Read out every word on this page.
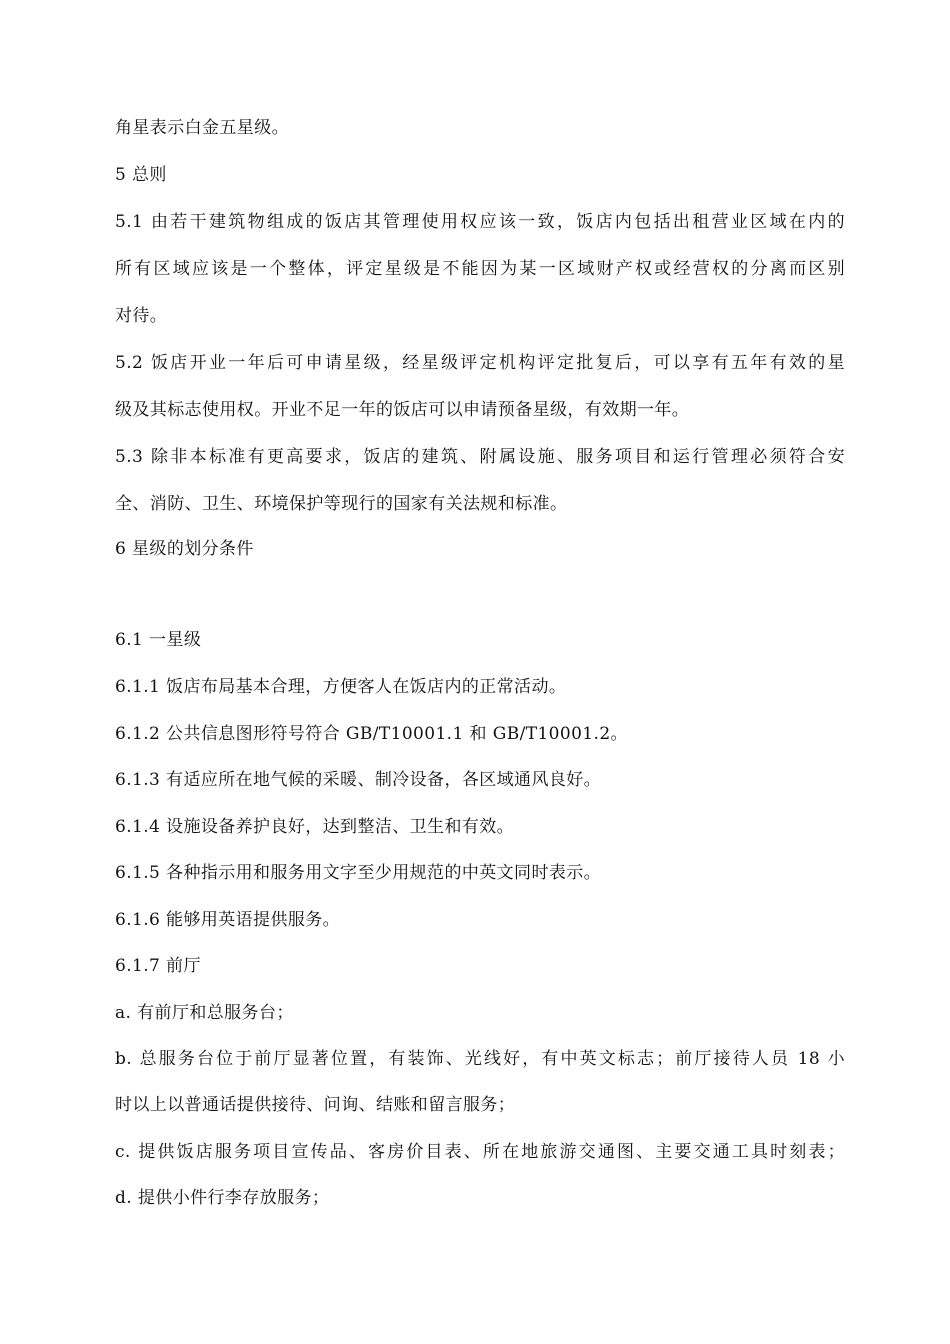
角星表示白金五星级。
5 总则
5.1 由若干建筑物组成的饭店其管理使用权应该一致，饭店内包括出租营业区域在内的
所有区域应该是一个整体，评定星级是不能因为某一区域财产权或经营权的分离而区别
对待。
5.2 饭店开业一年后可申请星级，经星级评定机构评定批复后，可以享有五年有效的星
级及其标志使用权。开业不足一年的饭店可以申请预备星级，有效期一年。
5.3 除非本标准有更高要求，饭店的建筑、附属设施、服务项目和运行管理必须符合安
全、消防、卫生、环境保护等现行的国家有关法规和标准。
6 星级的划分条件
6.1 一星级
6.1.1 饭店布局基本合理，方便客人在饭店内的正常活动。
6.1.2 公共信息图形符号符合 GB/T10001.1 和 GB/T10001.2。
6.1.3 有适应所在地气候的采暖、制冷设备，各区域通风良好。
6.1.4 设施设备养护良好，达到整洁、卫生和有效。
6.1.5 各种指示用和服务用文字至少用规范的中英文同时表示。
6.1.6 能够用英语提供服务。
6.1.7 前厅
a. 有前厅和总服务台；
b. 总服务台位于前厅显著位置，有装饰、光线好，有中英文标志；前厅接待人员 18 小
时以上以普通话提供接待、问询、结账和留言服务；
c. 提供饭店服务项目宣传品、客房价目表、所在地旅游交通图、主要交通工具时刻表；
d. 提供小件行李存放服务；
